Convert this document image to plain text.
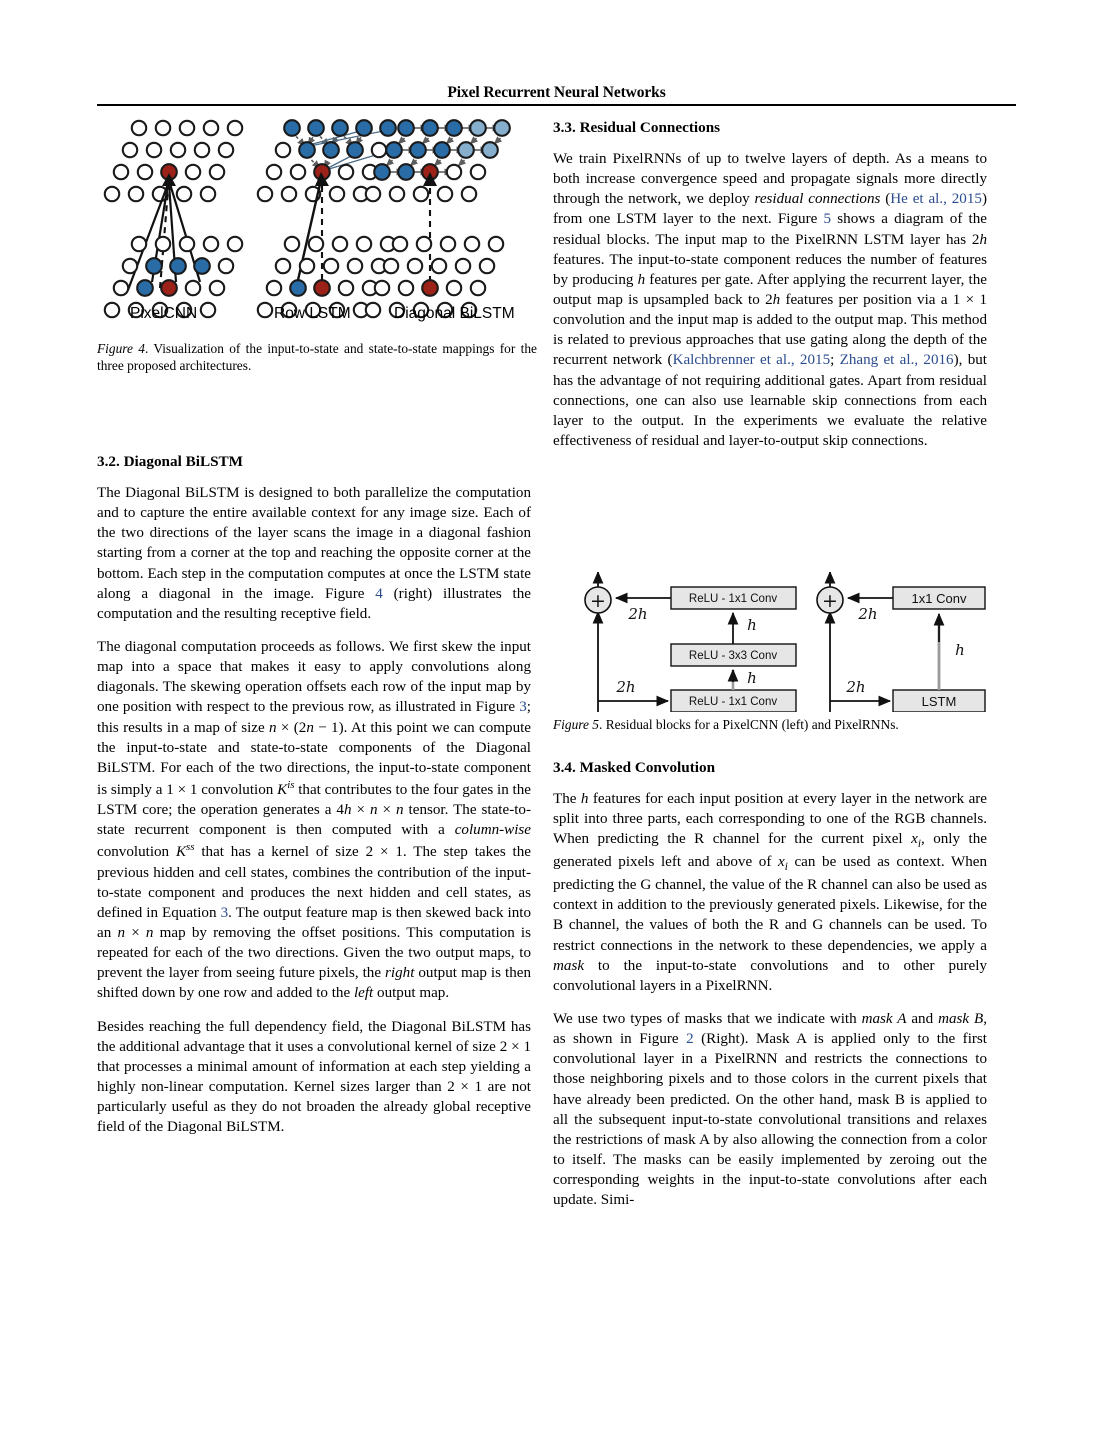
Pixel Recurrent Neural Networks
PixelCNN	Row LSTM	Diagonal BiLSTM

Figure 4. Visualization of the input-to-state and state-to-state mappings for the three proposed architectures.

3.2. Diagonal BiLSTM

The Diagonal BiLSTM is designed to both parallelize the computation and to capture the entire available context for any image size. Each of the two directions of the layer scans the image in a diagonal fashion starting from a corner at the top and reaching the opposite corner at the bottom. Each step in the computation computes at once the LSTM state along a diagonal in the image. Figure 4 (right) illustrates the computation and the resulting receptive field.

The diagonal computation proceeds as follows. We first skew the input map into a space that makes it easy to apply convolutions along diagonals. The skewing operation offsets each row of the input map by one position with respect to the previous row, as illustrated in Figure 3; this results in a map of size n × (2n − 1). At this point we can compute the input-to-state and state-to-state components of the Diagonal BiLSTM. For each of the two directions, the input-to-state component is simply a 1 × 1 convolution $K^{is}$ that contributes to the four gates in the LSTM core; the operation generates a 4h × n × n tensor. The state-to-state recurrent component is then computed with a column-wise convolution $K^{ss}$ that has a kernel of size 2 × 1. The step takes the previous hidden and cell states, combines the contribution of the input-to-state component and produces the next hidden and cell states, as defined in Equation 3. The output feature map is then skewed back into an n × n map by removing the offset positions. This computation is repeated for each of the two directions. Given the two output maps, to prevent the layer from seeing future pixels, the right output map is then shifted down by one row and added to the left output map.

Besides reaching the full dependency field, the Diagonal BiLSTM has the additional advantage that it uses a convolutional kernel of size 2 × 1 that processes a minimal amount of information at each step yielding a highly non-linear computation. Kernel sizes larger than 2 × 1 are not particularly useful as they do not broaden the already global receptive field of the Diagonal BiLSTM.

3.3. Residual Connections

We train PixelRNNs of up to twelve layers of depth. As a means to both increase convergence speed and propagate signals more directly through the network, we deploy residual connections (He et al., 2015) from one LSTM layer to the next. Figure 5 shows a diagram of the residual blocks. The input map to the PixelRNN LSTM layer has 2h features. The input-to-state component reduces the number of features by producing h features per gate. After applying the recurrent layer, the output map is upsampled back to 2h features per position via a 1 × 1 convolution and the input map is added to the output map. This method is related to previous approaches that use gating along the depth of the recurrent network (Kalchbrenner et al., 2015; Zhang et al., 2016), but has the advantage of not requiring additional gates. Apart from residual connections, one can also use learnable skip connections from each layer to the output. In the experiments we evaluate the relative effectiveness of residual and layer-to-output skip connections.

+	ReLU - 1x1 Conv
2h
ReLU - 3x3 Conv
h
ReLU - 1x1 Conv
h
2h
+	1x1 Conv
2h
LSTM
h
2h

Figure 5. Residual blocks for a PixelCNN (left) and PixelRNNs.

3.4. Masked Convolution

The h features for each input position at every layer in the network are split into three parts, each corresponding to one of the RGB channels. When predicting the R channel for the current pixel $x_i$, only the generated pixels left and above of $x_i$ can be used as context. When predicting the G channel, the value of the R channel can also be used as context in addition to the previously generated pixels. Likewise, for the B channel, the values of both the R and G channels can be used. To restrict connections in the network to these dependencies, we apply a mask to the input-to-state convolutions and to other purely convolutional layers in a PixelRNN.

We use two types of masks that we indicate with mask A and mask B, as shown in Figure 2 (Right). Mask A is applied only to the first convolutional layer in a PixelRNN and restricts the connections to those neighboring pixels and to those colors in the current pixels that have already been predicted. On the other hand, mask B is applied to all the subsequent input-to-state convolutional transitions and relaxes the restrictions of mask A by also allowing the connection from a color to itself. The masks can be easily implemented by zeroing out the corresponding weights in the input-to-state convolutions after each update. Simi-
